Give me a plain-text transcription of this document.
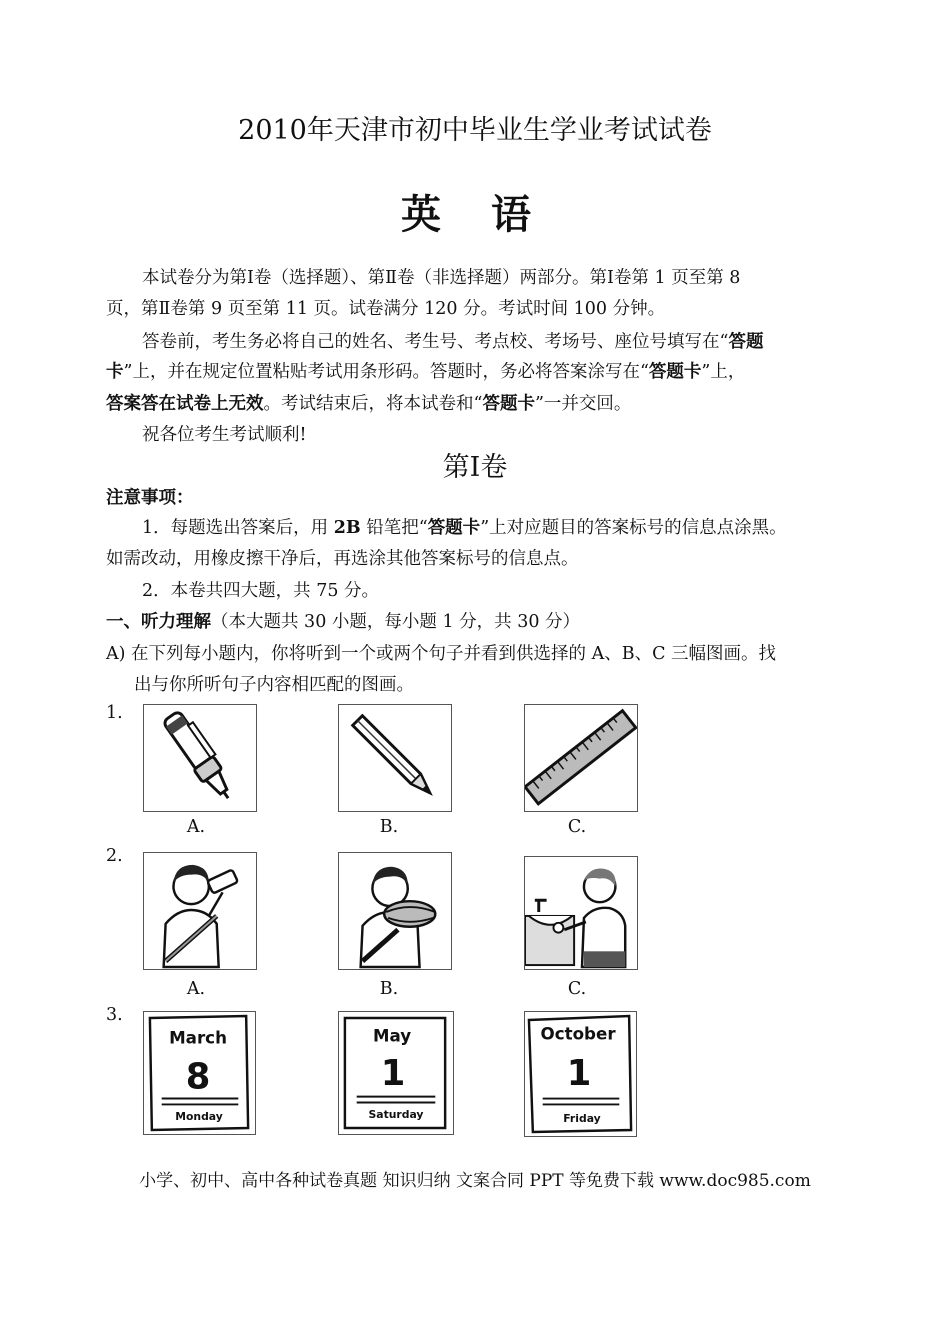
2010年天津市初中毕业生学业考试试卷
英 语
本试卷分为第Ⅰ卷（选择题）、第Ⅱ卷（非选择题）两部分。第Ⅰ卷第 1 页至第 8
页，第Ⅱ卷第 9 页至第 11 页。试卷满分 120 分。考试时间 100 分钟。
答卷前，考生务必将自己的姓名、考生号、考点校、考场号、座位号填写在“答题
卡”上，并在规定位置粘贴考试用条形码。答题时，务必将答案涂写在“答题卡”上，
答案答在试卷上无效。考试结束后，将本试卷和“答题卡”一并交回。
祝各位考生考试顺利!
第Ⅰ卷
注意事项：
1．每题选出答案后，用 2B 铅笔把“答题卡”上对应题目的答案标号的信息点涂黑。
如需改动，用橡皮擦干净后，再选涂其他答案标号的信息点。
2．本卷共四大题，共 75 分。
一、听力理解（本大题共 30 小题，每小题 1 分，共 30 分）
A) 在下列每小题内，你将听到一个或两个句子并看到供选择的 A、B、C 三幅图画。找
出与你所听句子内容相匹配的图画。
1.
A.	B.	C.
2.
A.	B.	C.
3.
March
8
Monday
May
1
Saturday
October
1
Friday
小学、初中、高中各种试卷真题 知识归纳 文案合同 PPT 等免费下载 www.doc985.com
